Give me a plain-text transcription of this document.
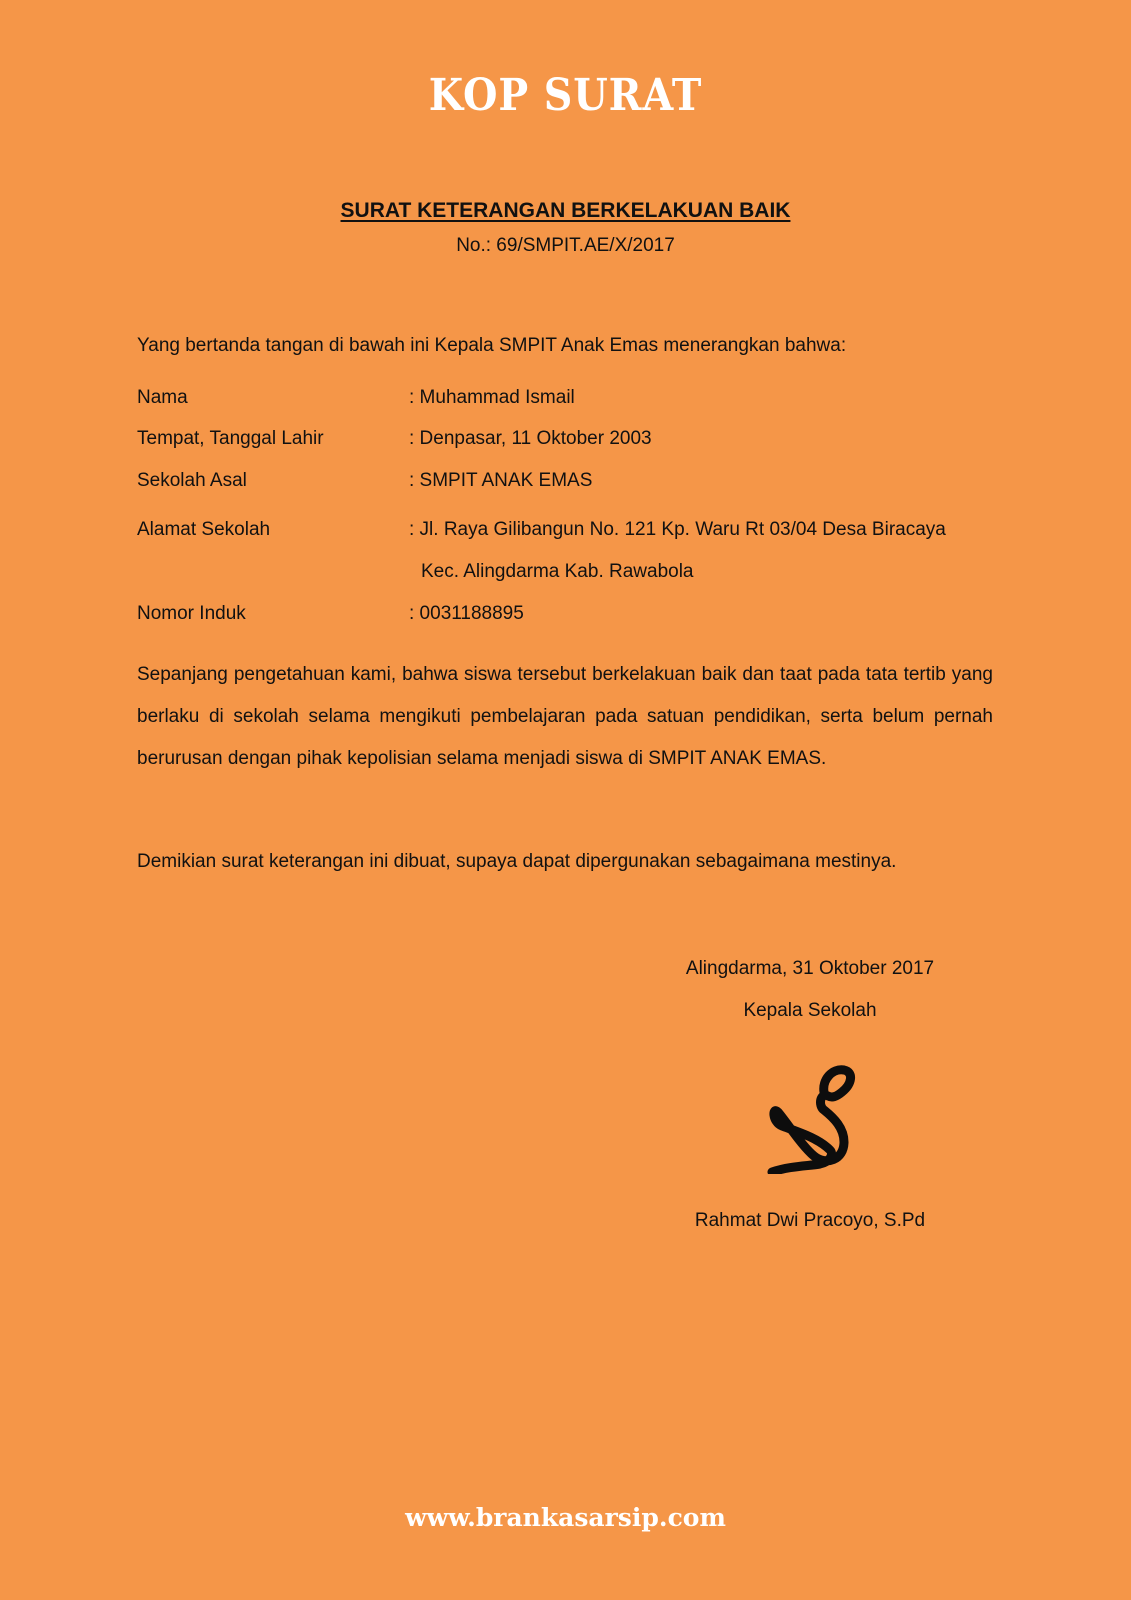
KOP SURAT
SURAT KETERANGAN BERKELAKUAN BAIK
No.: 69/SMPIT.AE/X/2017
Yang bertanda tangan di bawah ini Kepala SMPIT Anak Emas menerangkan bahwa:
Nama	: Muhammad Ismail
Tempat, Tanggal Lahir	: Denpasar, 11 Oktober 2003
Sekolah Asal	: SMPIT ANAK EMAS
Alamat Sekolah	: Jl. Raya Gilibangun No. 121 Kp. Waru Rt 03/04 Desa Biracaya
Kec. Alingdarma Kab. Rawabola
Nomor Induk	: 0031188895
Sepanjang pengetahuan kami, bahwa siswa tersebut berkelakuan baik dan taat pada tata tertib yang berlaku di sekolah selama mengikuti pembelajaran pada satuan pendidikan, serta belum pernah berurusan dengan pihak kepolisian selama menjadi siswa di SMPIT ANAK EMAS.
Demikian surat keterangan ini dibuat, supaya dapat dipergunakan sebagaimana mestinya.
Alingdarma, 31 Oktober 2017
Kepala Sekolah
Rahmat Dwi Pracoyo, S.Pd
www.brankasarsip.com
